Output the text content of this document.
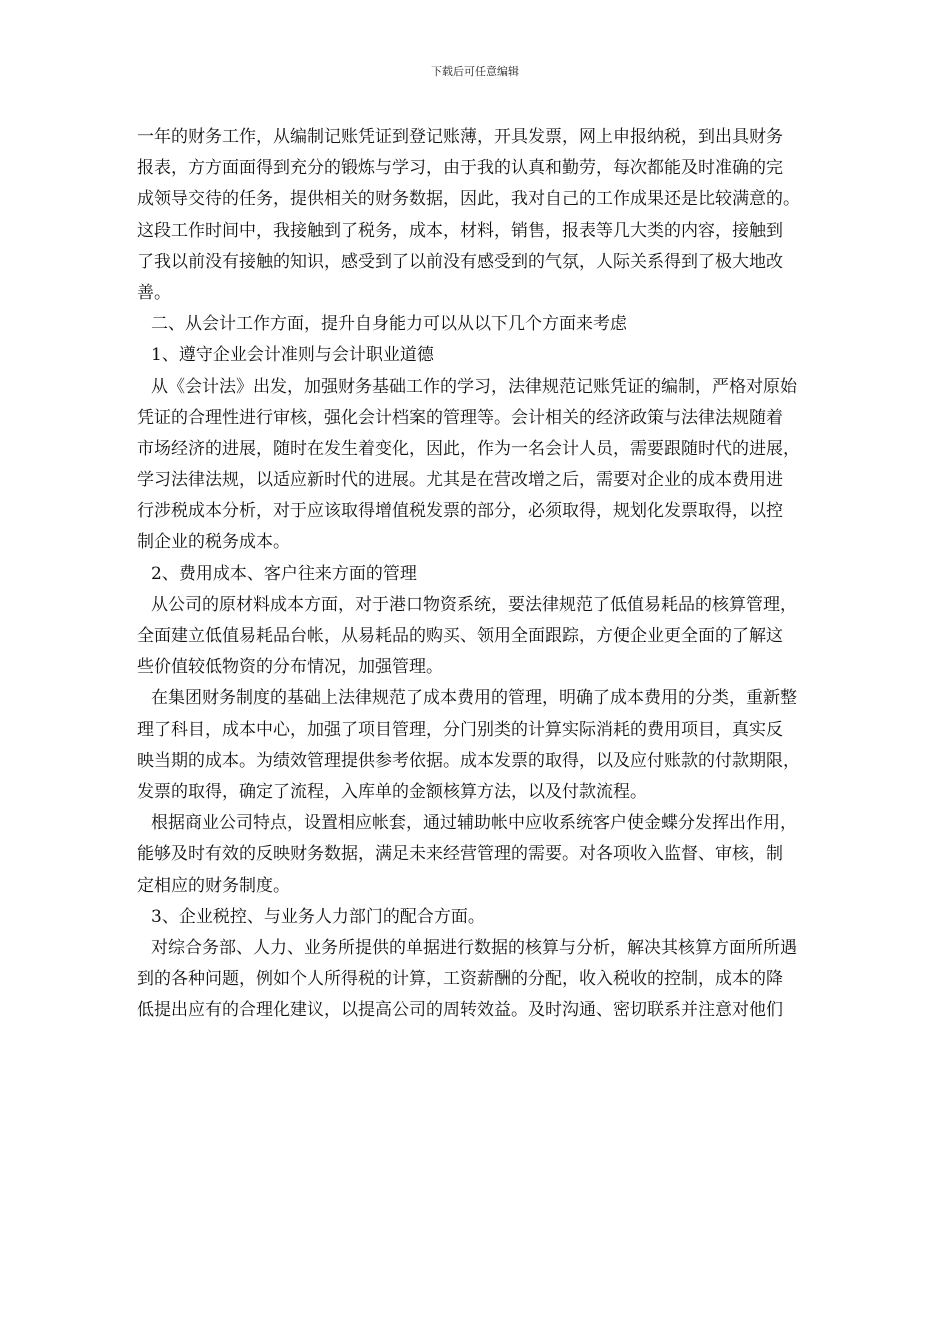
下载后可任意编辑
一年的财务工作，从编制记账凭证到登记账薄，开具发票，网上申报纳税，到出具财务
报表，方方面面得到充分的锻炼与学习，由于我的认真和勤劳，每次都能及时准确的完
成领导交待的任务，提供相关的财务数据，因此，我对自己的工作成果还是比较满意的。
这段工作时间中，我接触到了税务，成本，材料，销售，报表等几大类的内容，接触到
了我以前没有接触的知识，感受到了以前没有感受到的气氛，人际关系得到了极大地改
善。
二、从会计工作方面，提升自身能力可以从以下几个方面来考虑
1、遵守企业会计准则与会计职业道德
从《会计法》出发，加强财务基础工作的学习，法律规范记账凭证的编制，严格对原始
凭证的合理性进行审核，强化会计档案的管理等。会计相关的经济政策与法律法规随着
市场经济的进展，随时在发生着变化，因此，作为一名会计人员，需要跟随时代的进展，
学习法律法规，以适应新时代的进展。尤其是在营改增之后，需要对企业的成本费用进
行涉税成本分析，对于应该取得增值税发票的部分，必须取得，规划化发票取得，以控
制企业的税务成本。
2、费用成本、客户往来方面的管理
从公司的原材料成本方面，对于港口物资系统，要法律规范了低值易耗品的核算管理，
全面建立低值易耗品台帐，从易耗品的购买、领用全面跟踪，方便企业更全面的了解这
些价值较低物资的分布情况，加强管理。
在集团财务制度的基础上法律规范了成本费用的管理，明确了成本费用的分类，重新整
理了科目，成本中心，加强了项目管理，分门别类的计算实际消耗的费用项目，真实反
映当期的成本。为绩效管理提供参考依据。成本发票的取得，以及应付账款的付款期限，
发票的取得，确定了流程，入库单的金额核算方法，以及付款流程。
根据商业公司特点，设置相应帐套，通过辅助帐中应收系统客户使金蝶分发挥出作用，
能够及时有效的反映财务数据，满足未来经营管理的需要。对各项收入监督、审核，制
定相应的财务制度。
3、企业税控、与业务人力部门的配合方面。
对综合务部、人力、业务所提供的单据进行数据的核算与分析，解决其核算方面所所遇
到的各种问题，例如个人所得税的计算，工资薪酬的分配，收入税收的控制，成本的降
低提出应有的合理化建议，以提高公司的周转效益。及时沟通、密切联系并注意对他们
